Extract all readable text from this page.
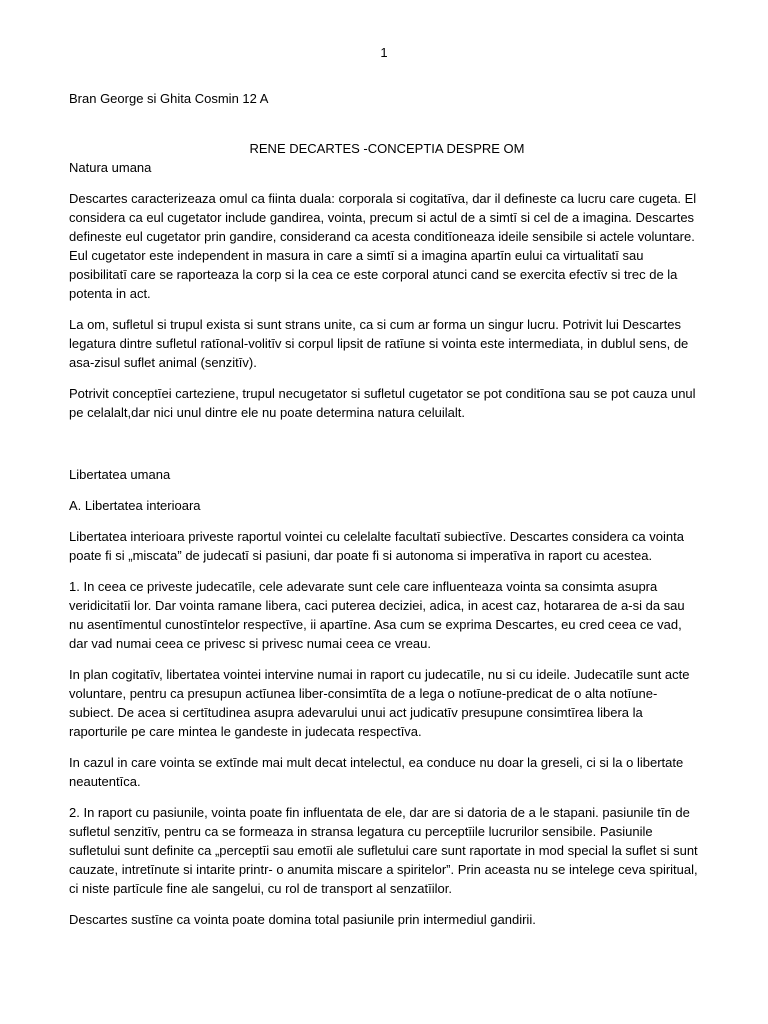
1

Bran George si Ghita Cosmin 12 A

RENE DECARTES -CONCEPTIA DESPRE OM

Natura umana

Descartes caracterizeaza omul ca fiinta duala: corporala si cogitatīva, dar il defineste ca lucru care cugeta. El considera ca eul cugetator include gandirea, vointa, precum si actul de a simtī si cel de a imagina. Descartes defineste eul cugetator prin gandire, considerand ca acesta conditīoneaza ideile sensibile si actele voluntare. Eul cugetator este independent in masura in care a simtī si a imagina apartīn eului ca virtualitatī sau posibilitatī care se raporteaza la corp si la cea ce este corporal atunci cand se exercita efectīv si trec de la potenta in act.

La om, sufletul si trupul exista si sunt strans unite, ca si cum ar forma un singur lucru. Potrivit lui Descartes legatura dintre sufletul ratīonal-volitīv si corpul lipsit de ratīune si vointa este intermediata, in dublul sens, de asa-zisul suflet animal (senzitīv).

Potrivit conceptīei carteziene, trupul necugetator si sufletul cugetator se pot conditīona sau se pot cauza unul pe celalalt,dar nici unul dintre ele nu poate determina natura celuilalt.

Libertatea umana

A. Libertatea interioara

Libertatea interioara priveste raportul vointei cu celelalte facultatī subiectīve. Descartes considera ca vointa poate fi si „miscata” de judecatī si pasiuni, dar poate fi si autonoma si imperatīva in raport cu acestea.

1. In ceea ce priveste judecatīle, cele adevarate sunt cele care influenteaza vointa sa consimta asupra veridicitatīi lor. Dar vointa ramane libera, caci puterea deciziei, adica, in acest caz, hotararea de a-si da sau nu asentīmentul cunostīntelor respectīve, ii apartīne. Asa cum se exprima Descartes, eu cred ceea ce vad, dar vad numai ceea ce privesc si privesc numai ceea ce vreau.

In plan cogitatīv, libertatea vointei intervine numai in raport cu judecatīle, nu si cu ideile. Judecatīle sunt acte voluntare, pentru ca presupun actīunea liber-consimtīta de a lega o notīune-predicat de o alta notīune-subiect. De acea si certītudinea asupra adevarului unui act judicatīv presupune consimtīrea libera la raporturile pe care mintea le gandeste in judecata respectīva.

In cazul in care vointa se extīnde mai mult decat intelectul, ea conduce nu doar la greseli, ci si la o libertate neautentīca.

2. In raport cu pasiunile, vointa poate fin influentata de ele, dar are si datoria de a le stapani. pasiunile tīn de sufletul senzitīv, pentru ca se formeaza in stransa legatura cu perceptīile lucrurilor sensibile. Pasiunile sufletului sunt definite ca „perceptīi sau emotīi ale sufletului care sunt raportate in mod special la suflet si sunt cauzate, intretīnute si intarite printr- o anumita miscare a spiritelor”. Prin aceasta nu se intelege ceva spiritual, ci niste partīcule fine ale sangelui, cu rol de transport al senzatīilor.

Descartes sustīne ca vointa poate domina total pasiunile prin intermediul gandirii.
